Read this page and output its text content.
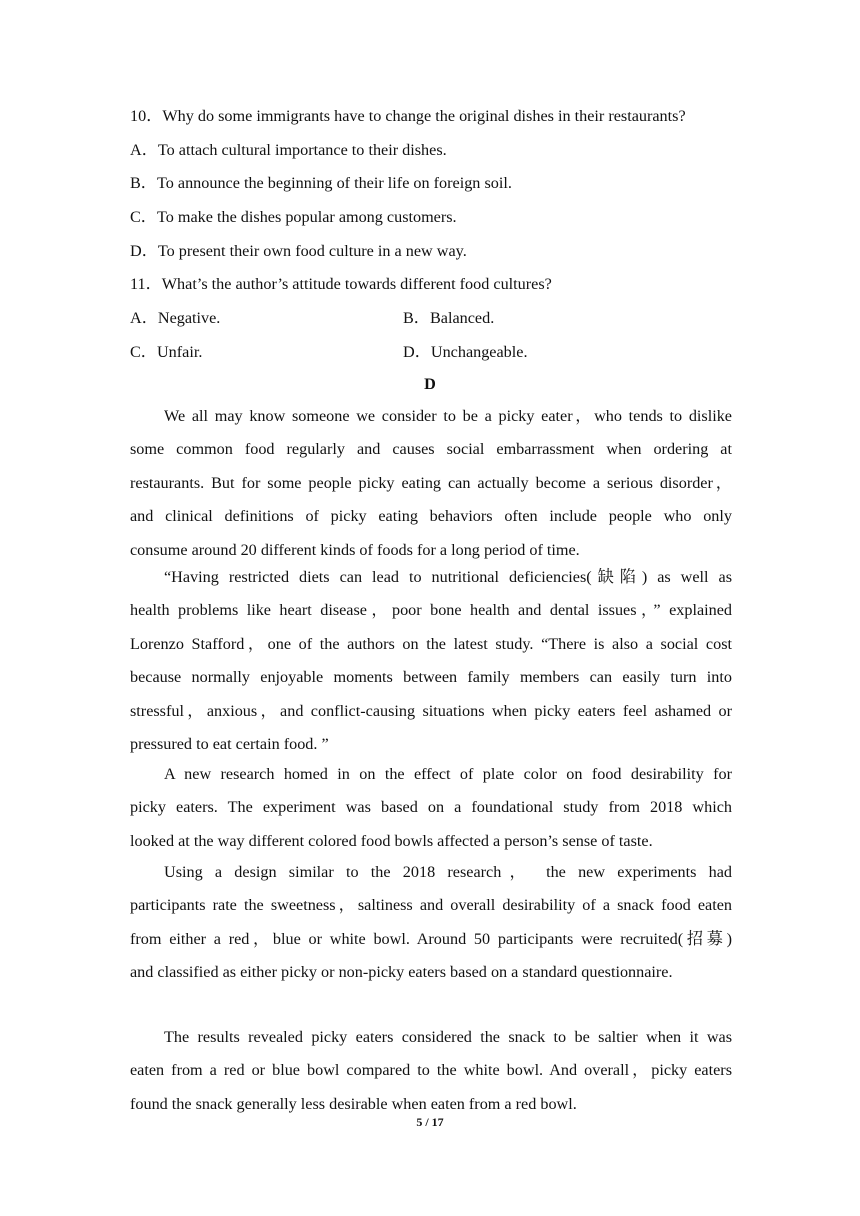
10．Why do some immigrants have to change the original dishes in their restaurants?
A．To attach cultural importance to their dishes.
B．To announce the beginning of their life on foreign soil.
C．To make the dishes popular among customers.
D．To present their own food culture in a new way.
11．What’s the author’s attitude towards different food cultures?
A．Negative.	B．Balanced.
C．Unfair.	D．Unchangeable.
D
We all may know someone we consider to be a picky eater，who tends to dislike
some common food regularly and causes social embarrassment when ordering at
restaurants. But for some people picky eating can actually become a serious disorder，
and clinical definitions of picky eating behaviors often include people who only
consume around 20 different kinds of foods for a long period of time.
“Having restricted diets can lead to nutritional deficiencies(缺陷) as well as
health problems like heart disease，poor bone health and dental issues，” explained
Lorenzo Stafford，one of the authors on the latest study. “There is also a social cost
because normally enjoyable moments between family members can easily turn into
stressful，anxious，and conflict-causing situations when picky eaters feel ashamed or
pressured to eat certain food. ”
A new research homed in on the effect of plate color on food desirability for
picky eaters. The experiment was based on a foundational study from 2018 which
looked at the way different colored food bowls affected a person’s sense of taste.
Using a design similar to the 2018 research， the new experiments had
participants rate the sweetness，saltiness and overall desirability of a snack food eaten
from either a red，blue or white bowl. Around 50 participants were recruited(招募)
and classified as either picky or non-picky eaters based on a standard questionnaire.
The results revealed picky eaters considered the snack to be saltier when it was
eaten from a red or blue bowl compared to the white bowl. And overall，picky eaters
found the snack generally less desirable when eaten from a red bowl.
5 / 17
